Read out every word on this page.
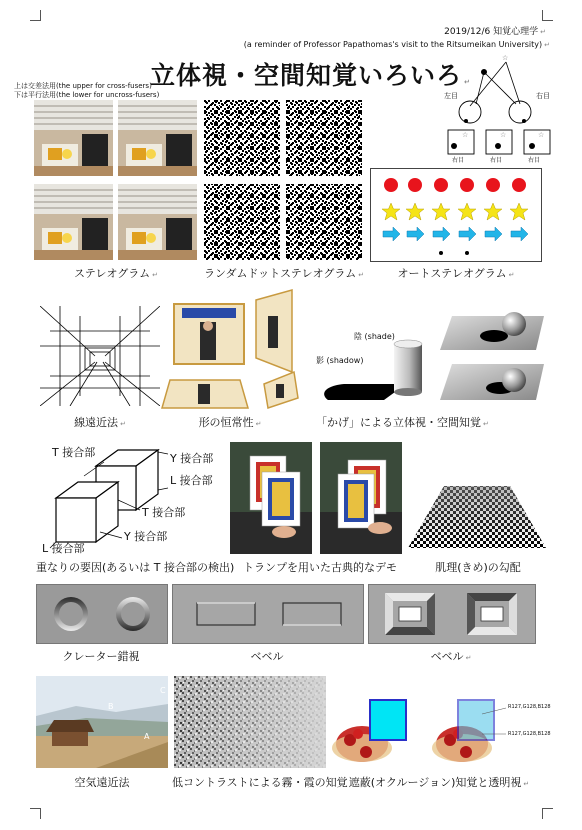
2019/12/6 知覚心理学 ↵
(a reminder of Professor Papathomas's visit to the Ritsumeikan University) ↵
立体視・空間知覚いろいろ ↵
上は交差法用(the upper for cross-fusers)
下は平行法用(the lower for uncross-fusers)
ステレオグラム ↵	ランダムドットステレオグラム ↵
☆
左目	右目
☆	☆	☆
右目	右目	右目
オートステレオグラム ↵
線遠近法 ↵	形の恒常性 ↵
陰 (shade)
影 (shadow)
「かげ」による立体視・空間知覚 ↵
T 接合部	Y 接合部
L 接合部
T 接合部
Y 接合部
L 接合部
重なりの要因(あるいは T 接合部の検出) トランプを用いた古典的なデモ	肌理(きめ)の勾配
クレーター錯視	ベベル	ベベル ↵
B
C
A
空気遠近法	低コントラストによる霧・霞の知覚
R127,G128,B128
R127,G128,B128
遮蔽(オクルージョン)知覚と透明視 ↵
